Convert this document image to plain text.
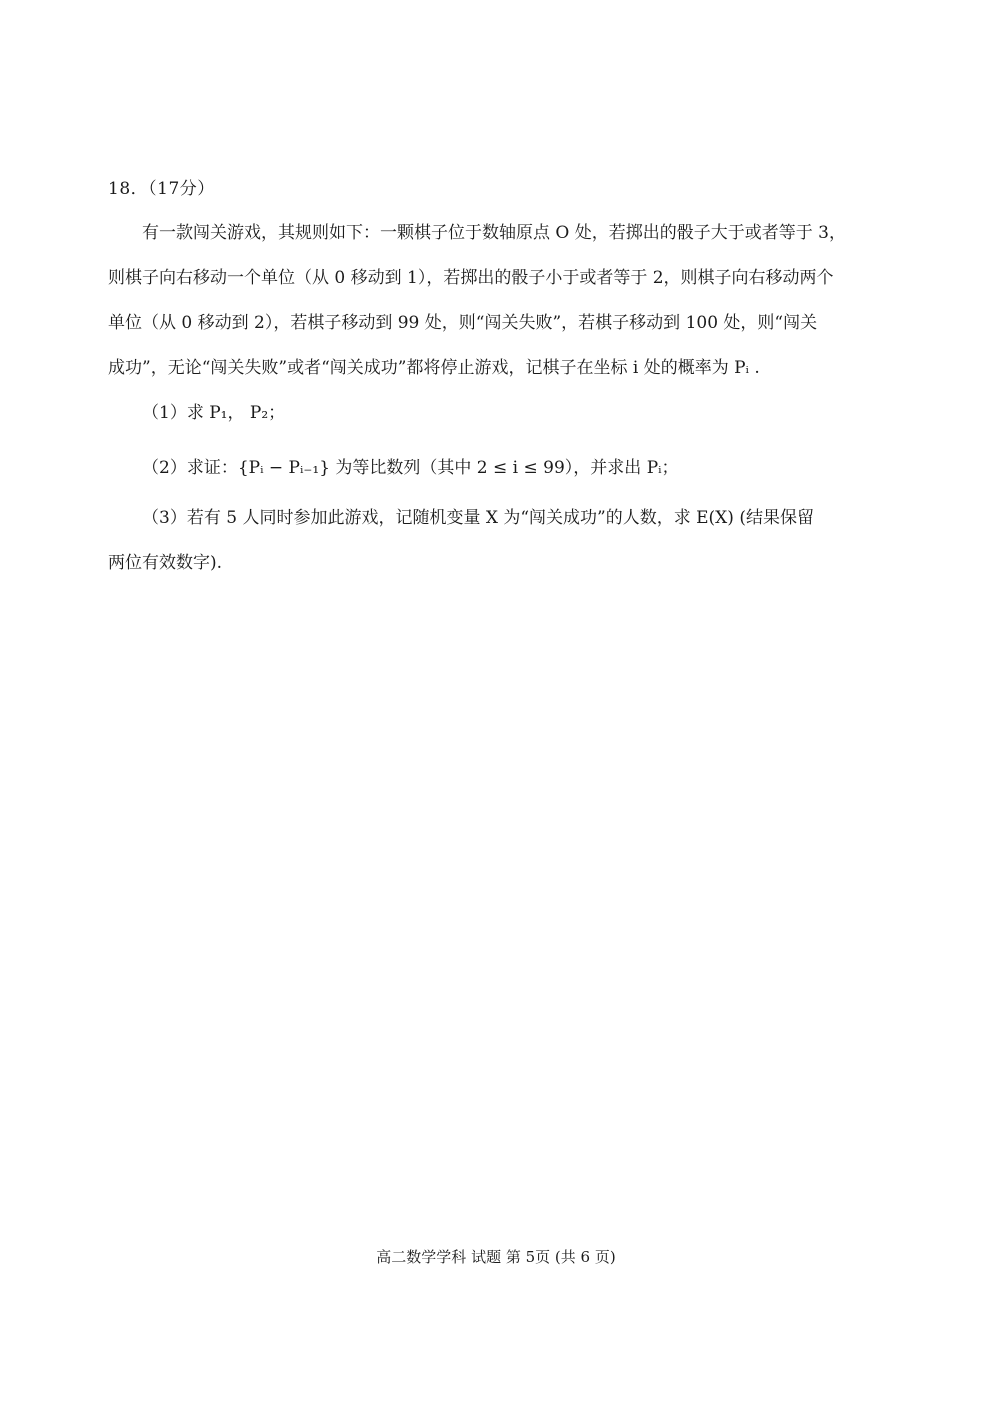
18．（17分）
有一款闯关游戏，其规则如下：一颗棋子位于数轴原点 O 处，若掷出的骰子大于或者等于 3，
则棋子向右移动一个单位（从 0 移动到 1），若掷出的骰子小于或者等于 2，则棋子向右移动两个
单位（从 0 移动到 2），若棋子移动到 99 处，则“闯关失败”，若棋子移动到 100 处，则“闯关
成功”，无论“闯关失败”或者“闯关成功”都将停止游戏，记棋子在坐标 i 处的概率为 Pᵢ .
（1）求 P₁， P₂；
（2）求证：{Pᵢ − Pᵢ₋₁} 为等比数列（其中 2 ≤ i ≤ 99），并求出 Pᵢ；
（3）若有 5 人同时参加此游戏，记随机变量 X 为“闯关成功”的人数，求 E(X) (结果保留
两位有效数字).
高二数学学科 试题 第 5页 (共 6 页)
